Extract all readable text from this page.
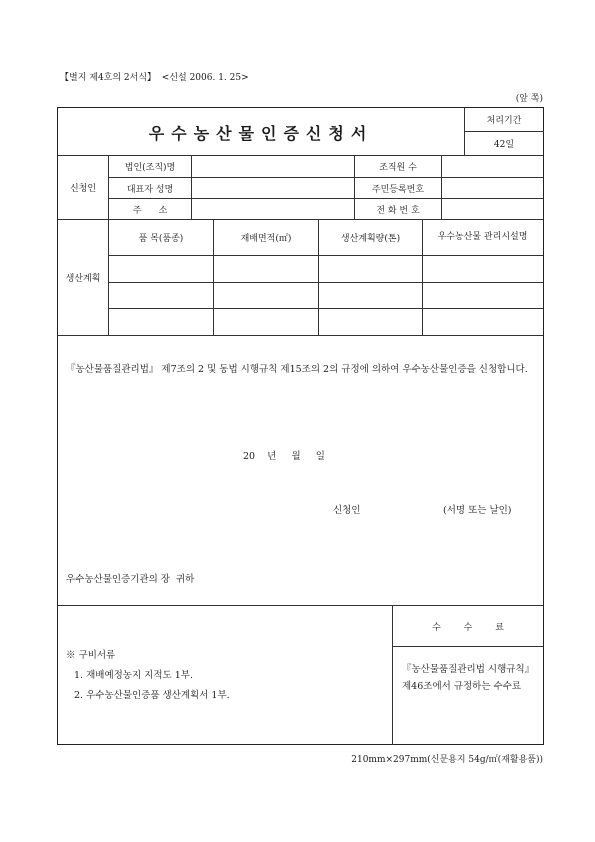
【별지 제4호의 2서식】 <신설 2006. 1. 25>
(앞 쪽)
우수농산물인증신청서
처리기간
42일
신청인
법인(조직)명	조직원 수
대표자 성명	주민등록번호
주      소	전 화 번 호
생산계획
품 목(품종)	재배면적(㎡)	생산계획량(톤)	우수농산물 관리시설명
『농산물품질관리법』 제7조의 2 및 동법 시행규칙 제15조의 2의 규정에 의하여 우수농산물인증을 신청합니다.
20    년     월     일
신청인	(서명 또는 날인)
우수농산물인증기관의 장  귀하
※ 구비서류
1. 재배예정농지 지적도 1부.
2. 우수농산물인증품 생산계획서 1부.
수        수        료
『농산물품질관리법 시행규칙』 제46조에서 규정하는 수수료
210mm×297mm(신문용지 54g/㎡(재활용품))
